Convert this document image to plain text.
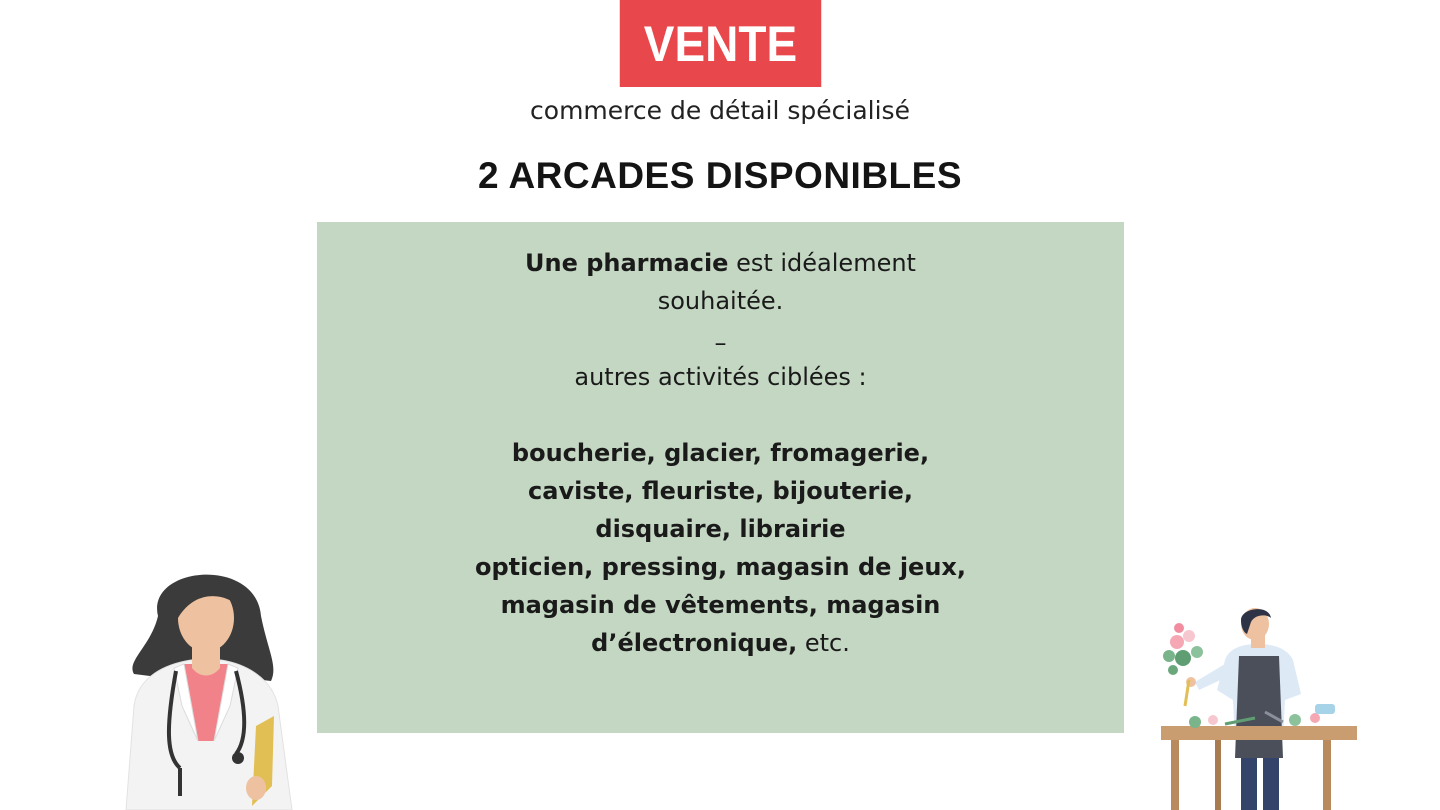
VENTE
commerce de détail spécialisé
2 ARCADES DISPONIBLES
Une pharmacie est idéalement
souhaitée.
–
autres activités ciblées :
boucherie, glacier, fromagerie,
caviste, fleuriste, bijouterie,
disquaire, librairie
opticien, pressing, magasin de jeux,
magasin de vêtements, magasin
d’électronique, etc.
